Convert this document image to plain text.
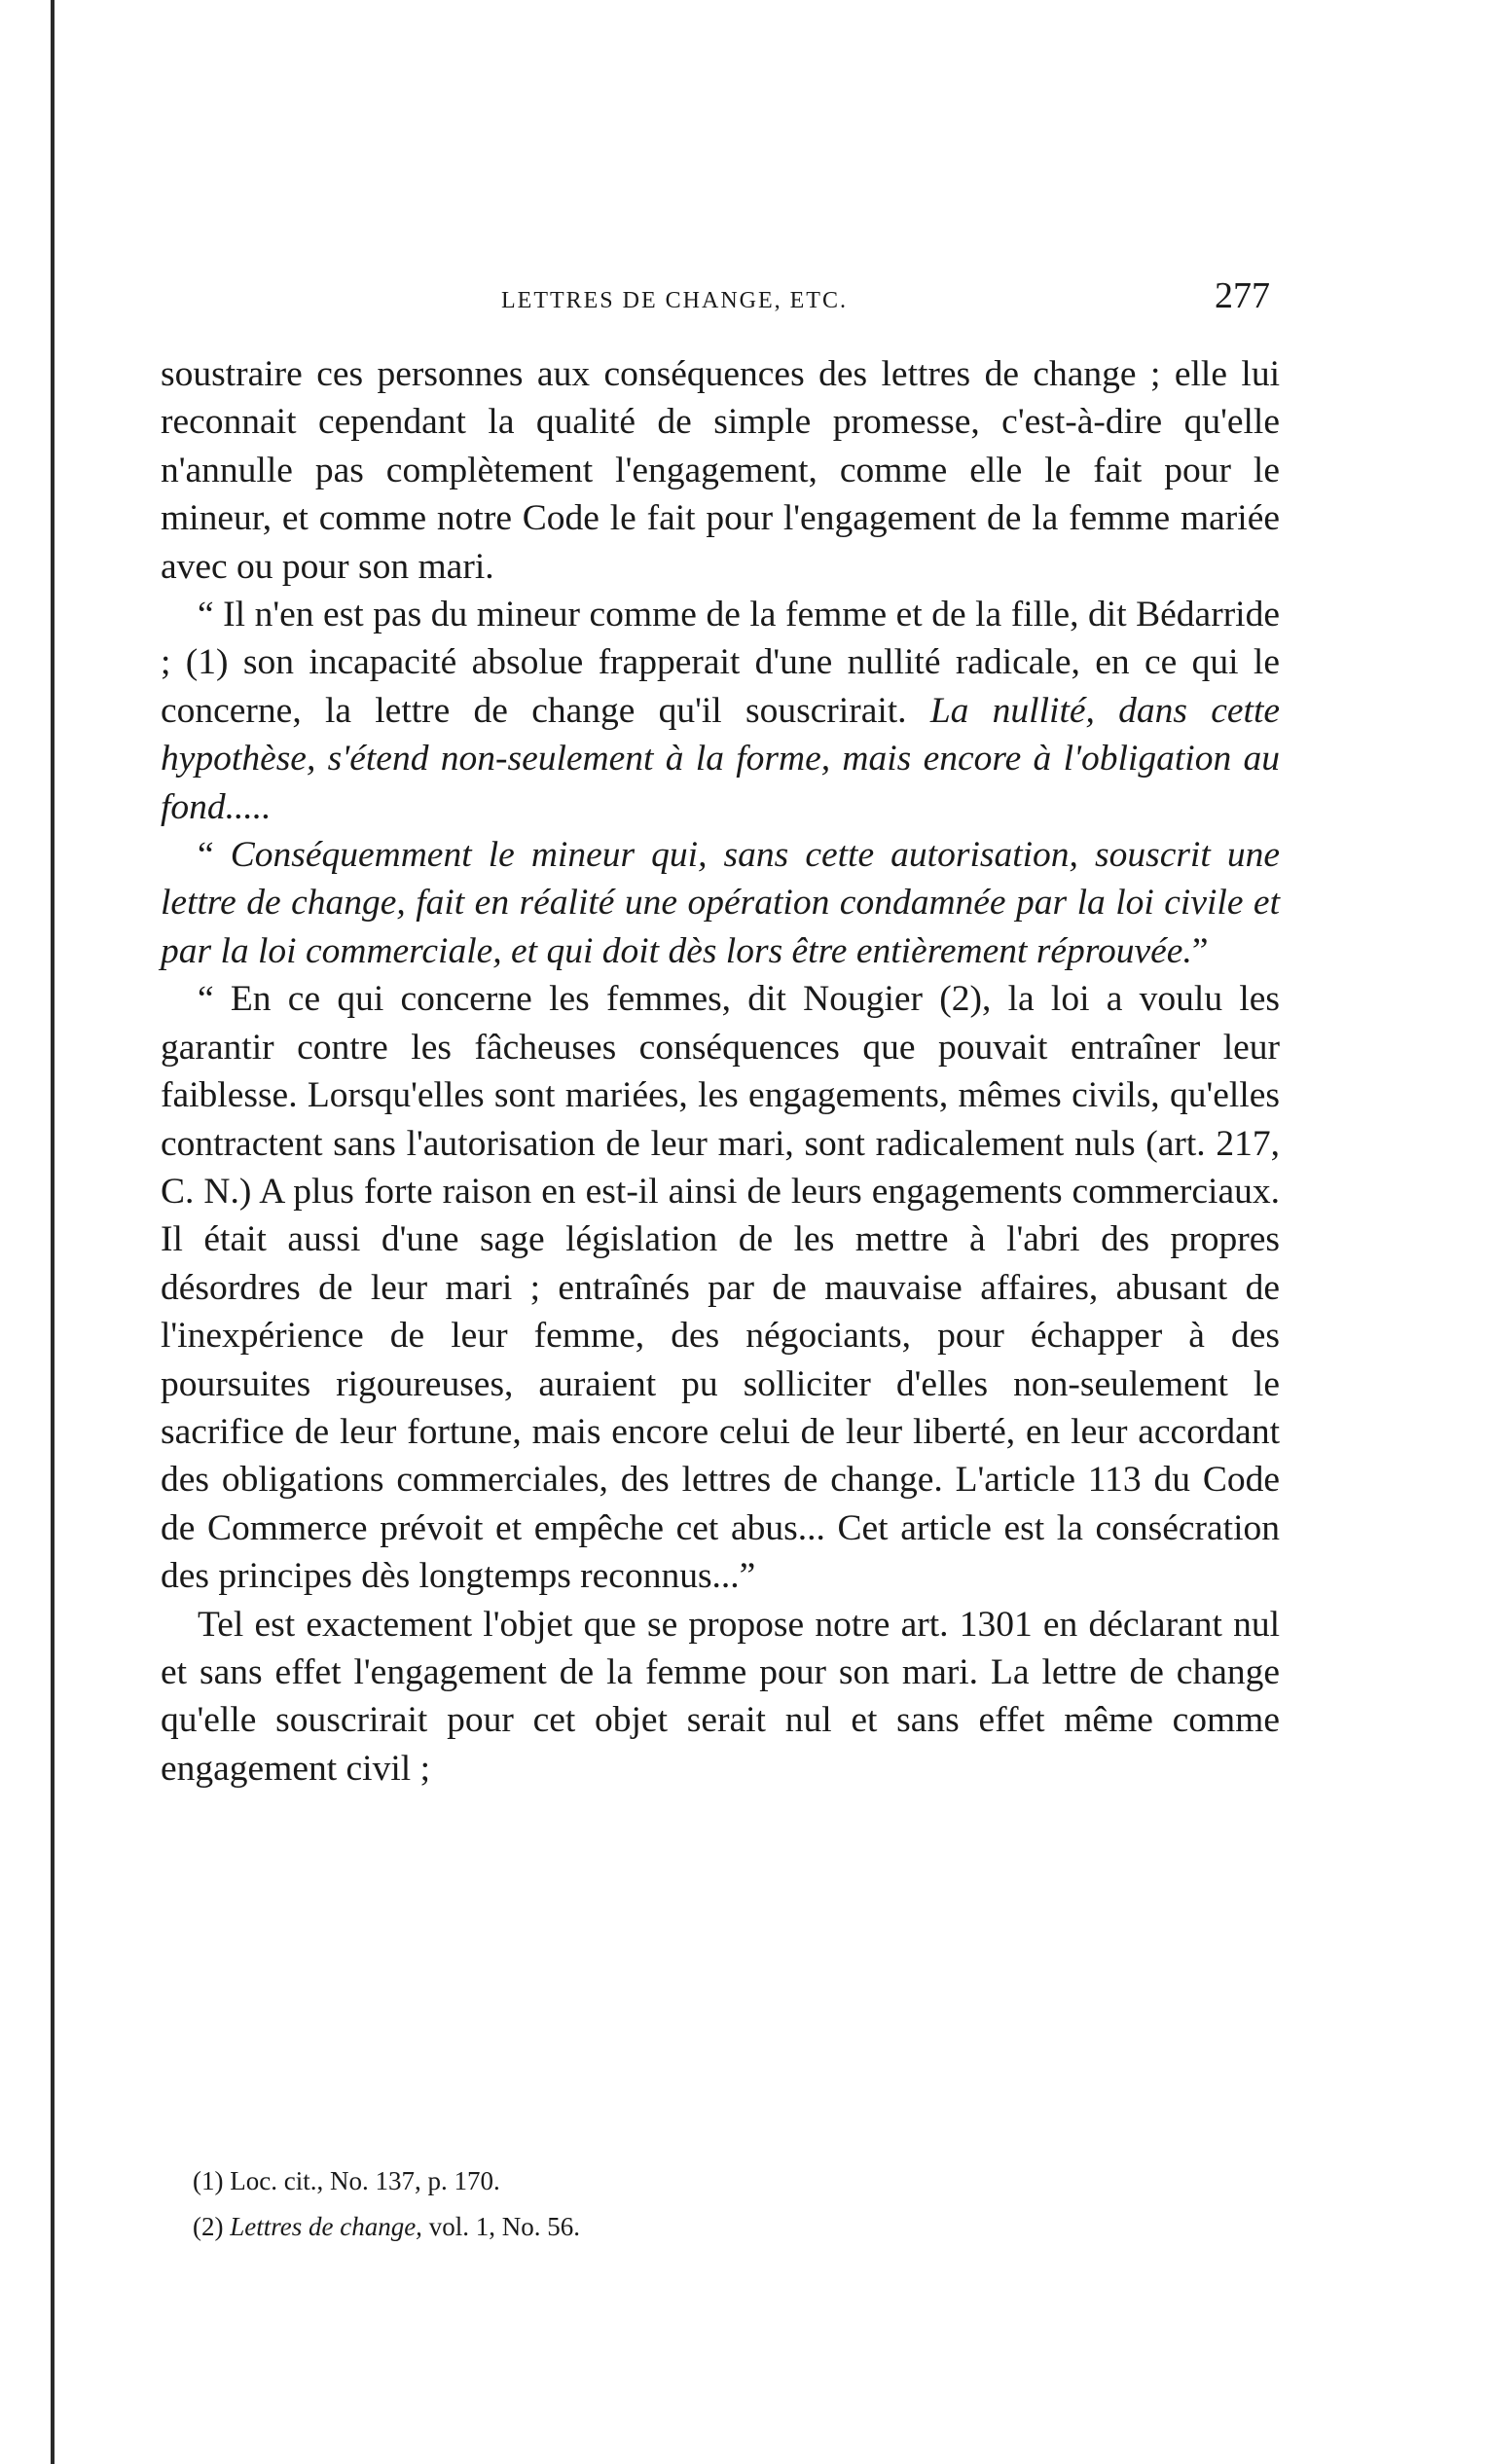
LETTRES DE CHANGE, ETC.	277

soustraire ces personnes aux conséquences des lettres de change ; elle lui reconnait cependant la qualité de simple promesse, c'est-à-dire qu'elle n'annulle pas complètement l'engagement, comme elle le fait pour le mineur, et comme notre Code le fait pour l'engagement de la femme mariée avec ou pour son mari.

“ Il n'en est pas du mineur comme de la femme et de la fille, dit Bédarride ; (1) son incapacité absolue frapperait d'une nullité radicale, en ce qui le concerne, la lettre de change qu'il souscrirait. La nullité, dans cette hypothèse, s'étend non-seulement à la forme, mais encore à l'obligation au fond.....

“ Conséquemment le mineur qui, sans cette autorisation, souscrit une lettre de change, fait en réalité une opération condamnée par la loi civile et par la loi commerciale, et qui doit dès lors être entièrement réprouvée.”

“ En ce qui concerne les femmes, dit Nougier (2), la loi a voulu les garantir contre les fâcheuses conséquences que pouvait entraîner leur faiblesse. Lorsqu'elles sont mariées, les engagements, mêmes civils, qu'elles contractent sans l'autorisation de leur mari, sont radicalement nuls (art. 217, C. N.) A plus forte raison en est-il ainsi de leurs engagements commerciaux. Il était aussi d'une sage législation de les mettre à l'abri des propres désordres de leur mari ; entraînés par de mauvaise affaires, abusant de l'inexpérience de leur femme, des négociants, pour échapper à des poursuites rigoureuses, auraient pu solliciter d'elles non-seulement le sacrifice de leur fortune, mais encore celui de leur liberté, en leur accordant des obligations commerciales, des lettres de change. L'article 113 du Code de Commerce prévoit et empêche cet abus... Cet article est la consécration des principes dès longtemps reconnus...”

Tel est exactement l'objet que se propose notre art. 1301 en déclarant nul et sans effet l'engagement de la femme pour son mari. La lettre de change qu'elle souscrirait pour cet objet serait nul et sans effet même comme engagement civil ;

(1) Loc. cit., No. 137, p. 170.

(2) Lettres de change, vol. 1, No. 56.
